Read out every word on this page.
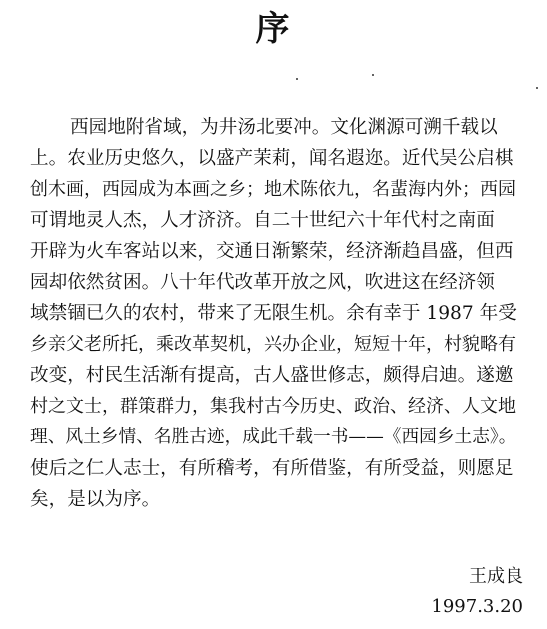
序
西园地附省域，为井汤北要冲。文化渊源可溯千载以
上。农业历史悠久，以盛产茉莉，闻名遐迩。近代吴公启棋
创木画，西园成为本画之乡；地术陈依九，名蜚海内外；西园
可谓地灵人杰，人才济济。自二十世纪六十年代村之南面
开辟为火车客站以来，交通日渐繁荣，经济渐趋昌盛，但西
园却依然贫困。八十年代改革开放之风，吹进这在经济领
域禁锢已久的农村，带来了无限生机。余有幸于 1987 年受
乡亲父老所托，乘改革契机，兴办企业，短短十年，村貌略有
改变，村民生活渐有提高，古人盛世修志，颇得启迪。遂邀
村之文士，群策群力，集我村古今历史、政治、经济、人文地
理、风土乡情、名胜古迹，成此千载一书——《西园乡土志》。
使后之仁人志士，有所稽考，有所借鉴，有所受益，则愿足
矣，是以为序。
王成良
1997.3.20
